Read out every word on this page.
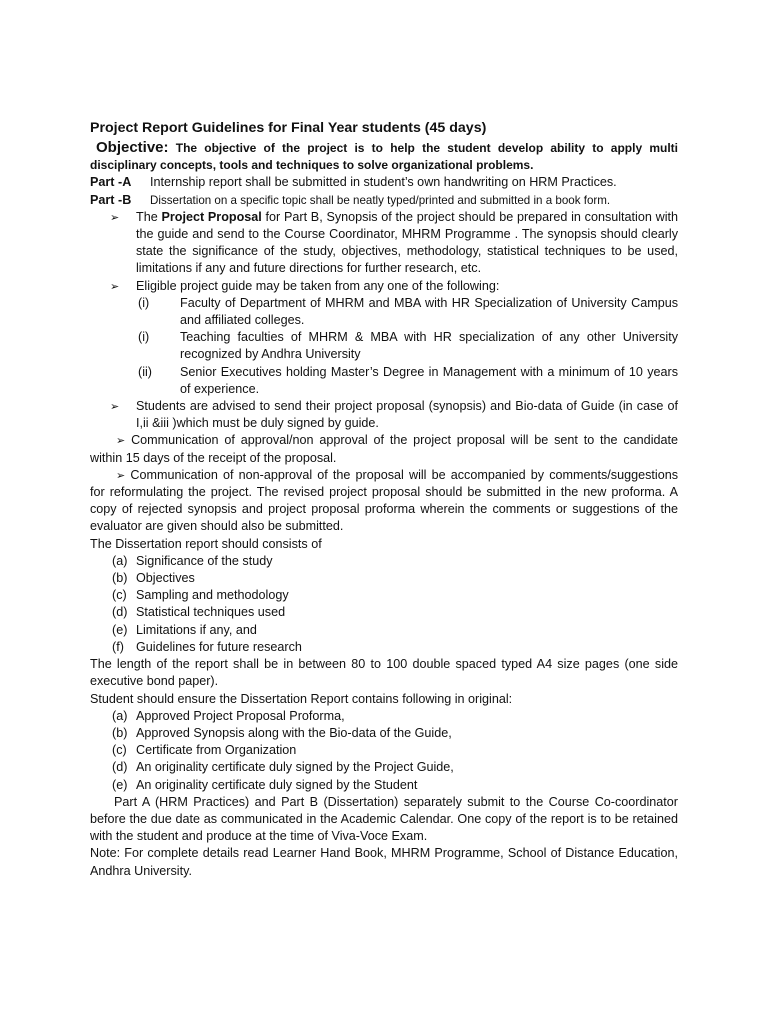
Project Report Guidelines for Final Year students (45 days)
Objective: The objective of the project is to help the student develop ability to apply multi disciplinary concepts, tools and techniques to solve organizational problems.
Part -A	Internship report shall be submitted in student’s own handwriting on HRM Practices.
Part -B	Dissertation on a specific topic shall be neatly typed/printed and submitted in a book form.
➢ The Project Proposal for Part B, Synopsis of the project should be prepared in consultation with the guide and send to the Course Coordinator, MHRM Programme . The synopsis should clearly state the significance of the study, objectives, methodology, statistical techniques to be used, limitations if any and future directions for further research, etc.
➢ Eligible project guide may be taken from any one of the following:
(i)	Faculty of Department of MHRM and MBA with HR Specialization of University Campus and affiliated colleges.
(i)	Teaching faculties of MHRM & MBA with HR specialization of any other University recognized by Andhra University
(ii)	Senior Executives holding Master’s Degree in Management with a minimum of 10 years of experience.
➢ Students are advised to send their project proposal (synopsis) and Bio-data of Guide (in case of I,ii &iii )which must be duly signed by guide.
➢ Communication of approval/non approval of the project proposal will be sent to the candidate within 15 days of the receipt of the proposal.
➢ Communication of non-approval of the proposal will be accompanied by comments/suggestions for reformulating the project. The revised project proposal should be submitted in the new proforma. A copy of rejected synopsis and project proposal proforma wherein the comments or suggestions of the evaluator are given should also be submitted.
The Dissertation report should consists of
(a) Significance of the study
(b) Objectives
(c) Sampling and methodology
(d) Statistical techniques used
(e) Limitations if any, and
(f) Guidelines for future research
The length of the report shall be in between 80 to 100 double spaced typed A4 size pages (one side executive bond paper).
Student should ensure the Dissertation Report contains following in original:
(a) Approved Project Proposal Proforma,
(b) Approved Synopsis along with the Bio-data of the Guide,
(c) Certificate from Organization
(d) An originality certificate duly signed by the Project Guide,
(e) An originality certificate duly signed by the Student
Part A (HRM Practices) and Part B (Dissertation) separately submit to the Course Co-coordinator before the due date as communicated in the Academic Calendar. One copy of the report is to be retained with the student and produce at the time of Viva-Voce Exam.
Note: For complete details read Learner Hand Book, MHRM Programme, School of Distance Education, Andhra University.
